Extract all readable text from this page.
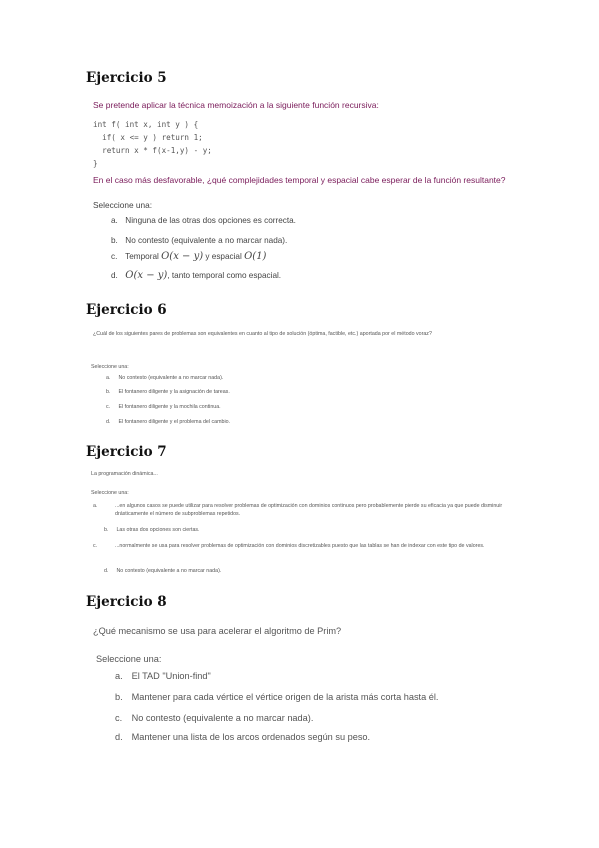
Ejercicio 5
Se pretende aplicar la técnica memoización a la siguiente función recursiva:
int f( int x, int y ) {
if( x <= y ) return 1;
return x * f(x-1,y) - y;
}
En el caso más desfavorable, ¿qué complejidades temporal y espacial cabe esperar de la función resultante?
Seleccione una:
a. Ninguna de las otras dos opciones es correcta.
b. No contesto (equivalente a no marcar nada).
c. Temporal O(x − y) y espacial O(1)
d. O(x − y), tanto temporal como espacial.
Ejercicio 6
¿Cuál de los siguientes pares de problemas son equivalentes en cuanto al tipo de solución (óptima, factible, etc.) aportada por el método voraz?
Seleccione una:
a. No contesto (equivalente a no marcar nada).
b. El fontanero diligente y la asignación de tareas.
c. El fontanero diligente y la mochila continua.
d. El fontanero diligente y el problema del cambio.
Ejercicio 7
La programación dinámica...
Seleccione una:
a.	...en algunos casos se puede utilizar para resolver problemas de optimización con dominios continuos pero probablemente pierde su eficacia ya que puede disminuir drásticamente el número de subproblemas repetidos.
b. Las otras dos opciones son ciertas.
c.	...normalmente se usa para resolver problemas de optimización con dominios discretizables puesto que las tablas se han de indexar con este tipo de valores.
d. No contesto (equivalente a no marcar nada).
Ejercicio 8
¿Qué mecanismo se usa para acelerar el algoritmo de Prim?
Seleccione una:
a. El TAD "Union-find"
b. Mantener para cada vértice el vértice origen de la arista más corta hasta él.
c. No contesto (equivalente a no marcar nada).
d. Mantener una lista de los arcos ordenados según su peso.
